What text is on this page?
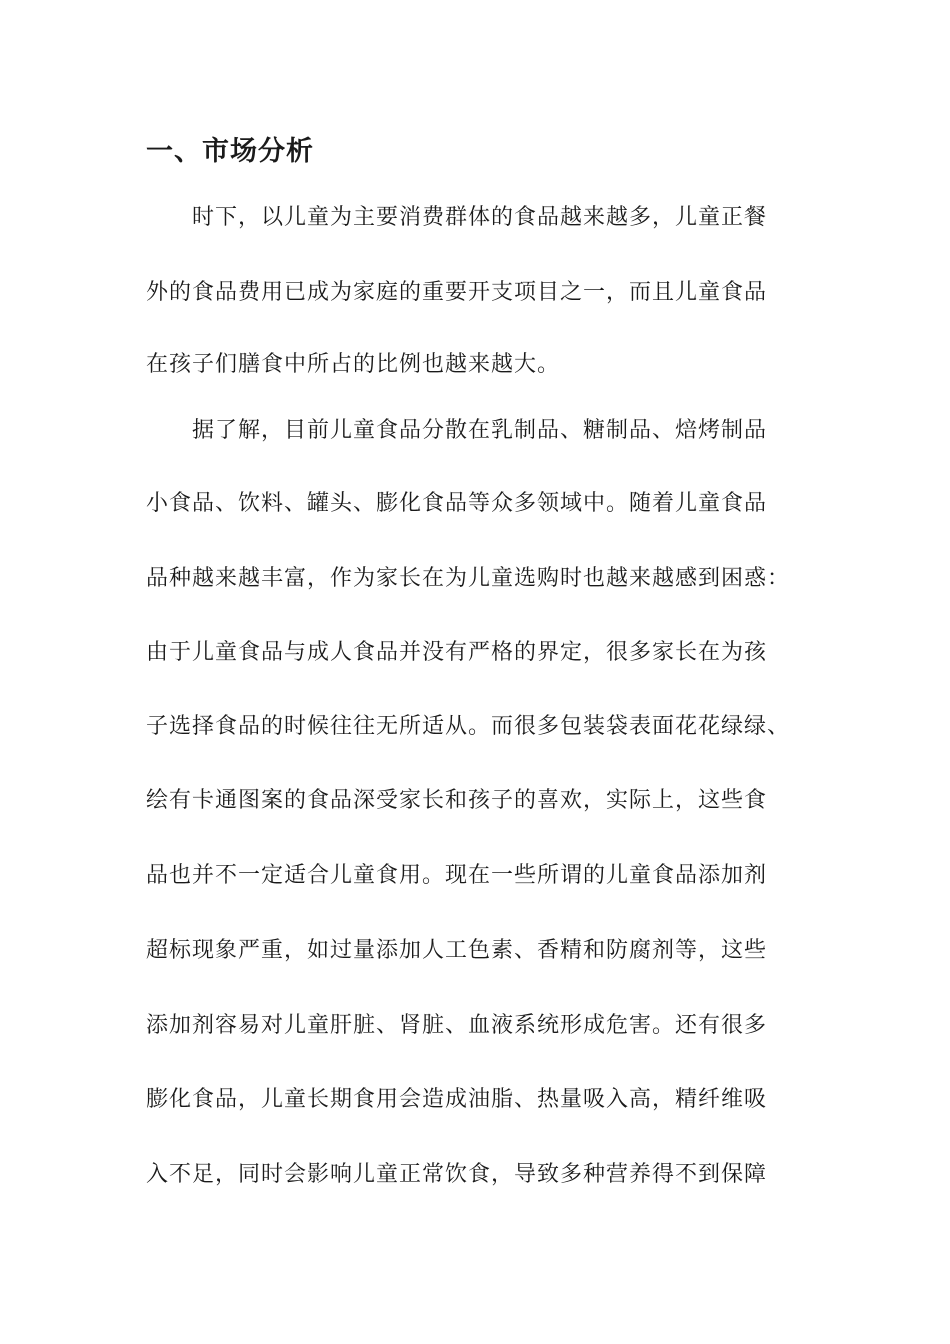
一、市场分析

时下，以儿童为主要消费群体的食品越来越多，儿童正餐

外的食品费用已成为家庭的重要开支项目之一，而且儿童食品

在孩子们膳食中所占的比例也越来越大。

据了解，目前儿童食品分散在乳制品、糖制品、焙烤制品

小食品、饮料、罐头、膨化食品等众多领域中。随着儿童食品

品种越来越丰富，作为家长在为儿童选购时也越来越感到困惑：

由于儿童食品与成人食品并没有严格的界定，很多家长在为孩

子选择食品的时候往往无所适从。而很多包装袋表面花花绿绿、

绘有卡通图案的食品深受家长和孩子的喜欢，实际上，这些食

品也并不一定适合儿童食用。现在一些所谓的儿童食品添加剂

超标现象严重，如过量添加人工色素、香精和防腐剂等，这些

添加剂容易对儿童肝脏、肾脏、血液系统形成危害。还有很多

膨化食品，儿童长期食用会造成油脂、热量吸入高，精纤维吸

入不足，同时会影响儿童正常饮食，导致多种营养得不到保障
